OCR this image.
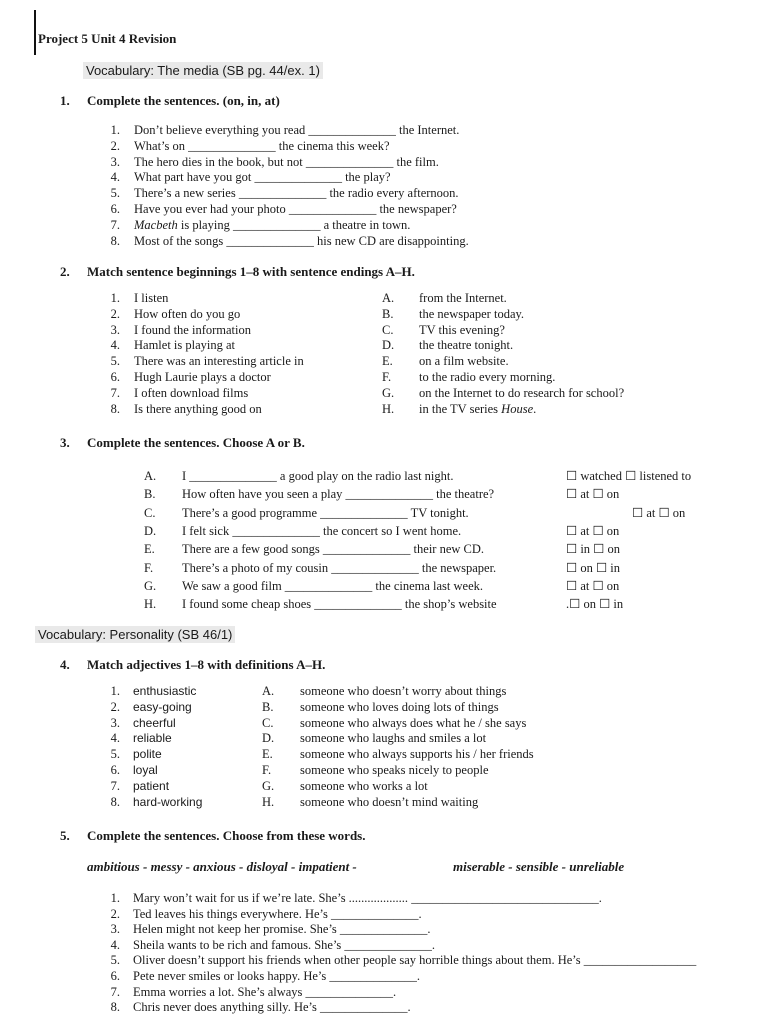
Project 5 Unit 4 Revision
Vocabulary: The media (SB pg. 44/ex. 1)
1. Complete the sentences. (on, in, at)
1. Don’t believe everything you read ______________ the Internet.
2. What’s on ______________ the cinema this week?
3. The hero dies in the book, but not ______________ the film.
4. What part have you got ______________ the play?
5. There’s a new series ______________ the radio every afternoon.
6. Have you ever had your photo ______________ the newspaper?
7. Macbeth is playing ______________ a theatre in town.
8. Most of the songs ______________ his new CD are disappointing.
2. Match sentence beginnings 1–8 with sentence endings A–H.
1. I listen	A. from the Internet.
2. How often do you go	B. the newspaper today.
3. I found the information	C. TV this evening?
4. Hamlet is playing at	D. the theatre tonight.
5. There was an interesting article in	E. on a film website.
6. Hugh Laurie plays a doctor	F. to the radio every morning.
7. I often download films	G. on the Internet to do research for school?
8. Is there anything good on	H. in the TV series House.
3. Complete the sentences. Choose A or B.
A. I ______________ a good play on the radio last night.	☐ watched ☐ listened to
B. How often have you seen a play ______________ the theatre?	☐ at ☐ on
C. There’s a good programme ______________ TV tonight.	☐ at ☐ on
D. I felt sick ______________ the concert so I went home.	☐ at ☐ on
E. There are a few good songs ______________ their new CD.	☐ in ☐ on
F. There’s a photo of my cousin ______________ the newspaper.	☐ on ☐ in
G. We saw a good film ______________ the cinema last week.	☐ at ☐ on
H. I found some cheap shoes ______________ the shop’s website	.☐ on ☐ in
Vocabulary: Personality (SB 46/1)
4. Match adjectives 1–8 with definitions A–H.
1. enthusiastic	A. someone who doesn’t worry about things
2. easy-going	B. someone who loves doing lots of things
3. cheerful	C. someone who always does what he / she says
4. reliable	D. someone who laughs and smiles a lot
5. polite	E. someone who always supports his / her friends
6. loyal	F. someone who speaks nicely to people
7. patient	G. someone who works a lot
8. hard-working	H. someone who doesn’t mind waiting
5. Complete the sentences. Choose from these words.
ambitious - messy - anxious - disloyal - impatient -	miserable - sensible - unreliable
1. Mary won’t wait for us if we’re late. She’s ................... ______________________________.
2. Ted leaves his things everywhere. He’s ______________.
3. Helen might not keep her promise. She’s ______________.
4. Sheila wants to be rich and famous. She’s ______________.
5. Oliver doesn’t support his friends when other people say horrible things about them. He’s __________________
6. Pete never smiles or looks happy. He’s ______________.
7. Emma worries a lot. She’s always ______________.
8. Chris never does anything silly. He’s ______________.
